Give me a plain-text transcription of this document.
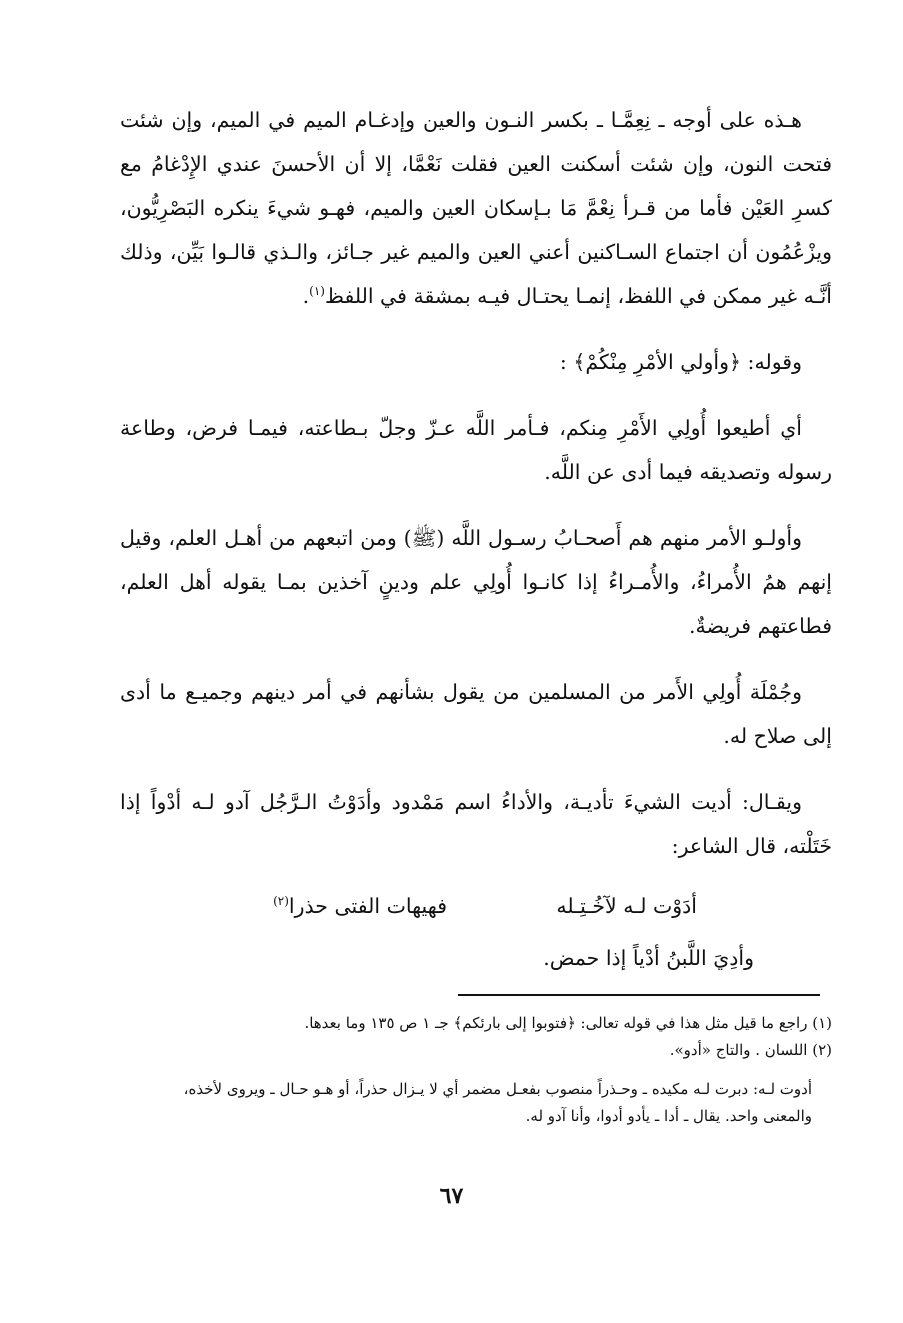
هـذه على أوجه ـ نِعِمَّـا ـ بكسر النـون والعين وإدغـام الميم في الميم، وإن شئت فتحت النون، وإن شئت أسكنت العين فقلت نَعْمَّا، إلا أن الأحسنَ عندي الإِدْغامُ مع كسرِ العَيْن فأما من قـرأ نِعْمَّ مَا بـإسكان العين والميم، فهـو شيءَ ينكره البَصْرِيُّون، ويزْعُمُون أن اجتماع السـاكنين أعني العين والميم غير جـائز، والـذي قالـوا بَيِّن، وذلك أنَّـه غير ممكن في اللفظ، إنمـا يحتـال فيـه بمشقة في اللفظ$^{(١)}$.

وقوله: ﴿وأولي الأمْرِ مِنْكُمْ﴾ :

أي أطيعوا أُولِي الأَمْرِ مِنكم، فـأمر اللَّه عـزّ وجلّ بـطاعته، فيمـا فرض، وطاعة رسوله وتصديقه فيما أدى عن اللَّه.

وأولـو الأمر منهم هم أَصحـابُ رسـول اللَّه (ﷺ) ومن اتبعهم من أهـل العلم، وقيل إنهم همُ الأُمراءُ، والأُمـراءُ إذا كانـوا أُولِي علم ودينٍ آخذين بمـا يقوله أهل العلم، فطاعتهم فريضةٌ.

وجُمْلَة أُولِي الأَمر من المسلمين من يقول بشأنهم في أمر دينهم وجميـع ما أدى إلى صلاح له.

ويقـال: أديت الشيءَ تأديـة، والأداءُ اسم مَمْدود وأدَوْتُ الـرَّجُل آدو لـه أدْواً إذا خَتَلْته، قال الشاعر:

أدَوْت لـه لآخُـتِـله
فهيهات الفتى حذرا$^{(٢)}$
وأدِيَ اللَّبنُ أدْياً إذا حمض.

(١) راجع ما قيل مثل هذا في قوله تعالى: ﴿فتوبوا إلى بارئكم﴾ جـ ١ ص ١٣٥ وما بعدها.

(٢) اللسان . والتاج «أدو».

أدوت لـه: دبرت لـه مكيده ـ وحـذراً منصوب بفعـل مضمر أي لا يـزال حذراً، أو هـو حـال ـ ويروى لأخذه، والمعنى واحد. يقال ـ أدا ـ يأدو أدوا، وأنا آدو له.

٦٧
